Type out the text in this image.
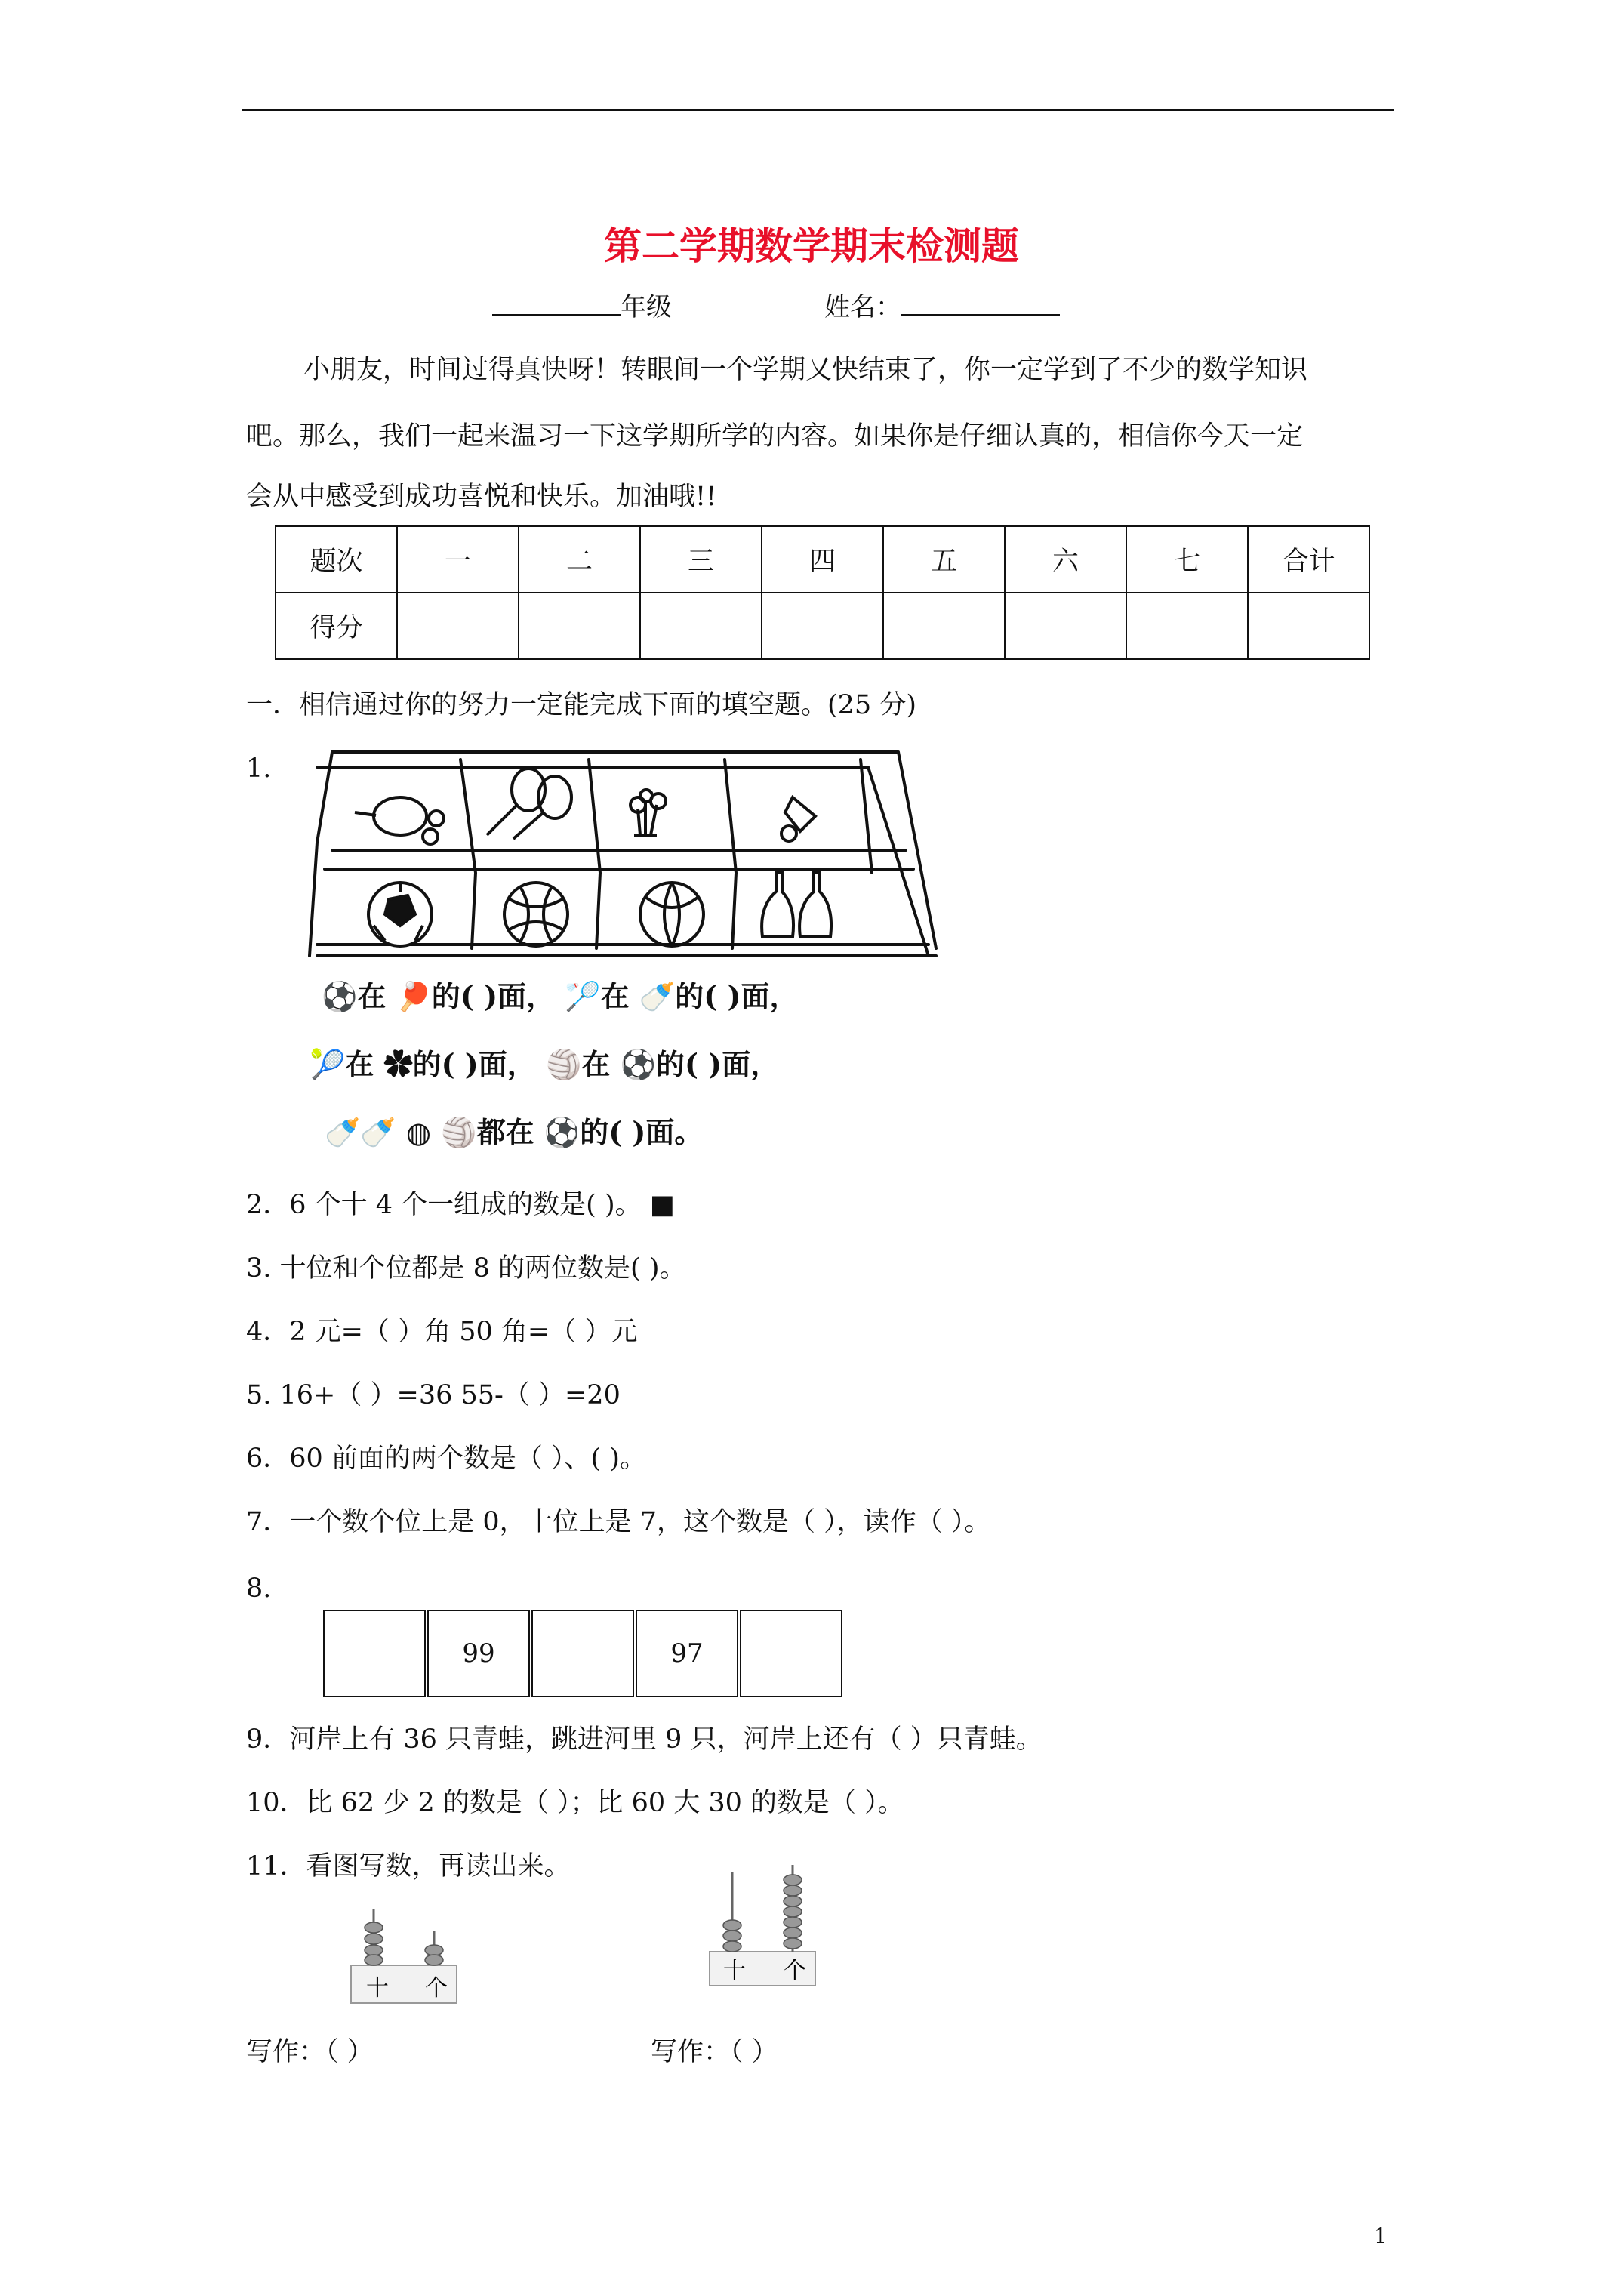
第二学期数学期末检测题
年级	姓名：

小朋友，时间过得真快呀！转眼间一个学期又快结束了，你一定学到了不少的数学知识

吧。那么，我们一起来温习一下这学期所学的内容。如果你是仔细认真的，相信你今天一定

会从中感受到成功喜悦和快乐。加油哦!!

题次	一	二	三	四	五	六	七	合计
得分								
一．相信通过你的努力一定能完成下面的填空题。(25 分)
1.
⚽在 🏓的( )面， 🏸在 🍼的( )面，
🎾在 ✿的( )面， 🏐在 ⚽的( )面，
🍼🍼 ◍ 🏐都在 ⚽的( )面。
2．6 个十 4 个一组成的数是( )。 ■
3. 十位和个位都是 8 的两位数是( )。
4．2 元=（ ）角 50 角=（ ）元
5. 16+（ ）=36 55-（ ）=20
6．60 前面的两个数是（ ）、( )。
7．一个数个位上是 0，十位上是 7，这个数是（ ），读作（ ）。
8.
	99		97	
9．河岸上有 36 只青蛙，跳进河里 9 只，河岸上还有（ ）只青蛙。
10．比 62 少 2 的数是（ ）；比 60 大 30 的数是（ ）。
11．看图写数，再读出来。
十 个
十 个
写作：（ ）	写作：（ ）
1
